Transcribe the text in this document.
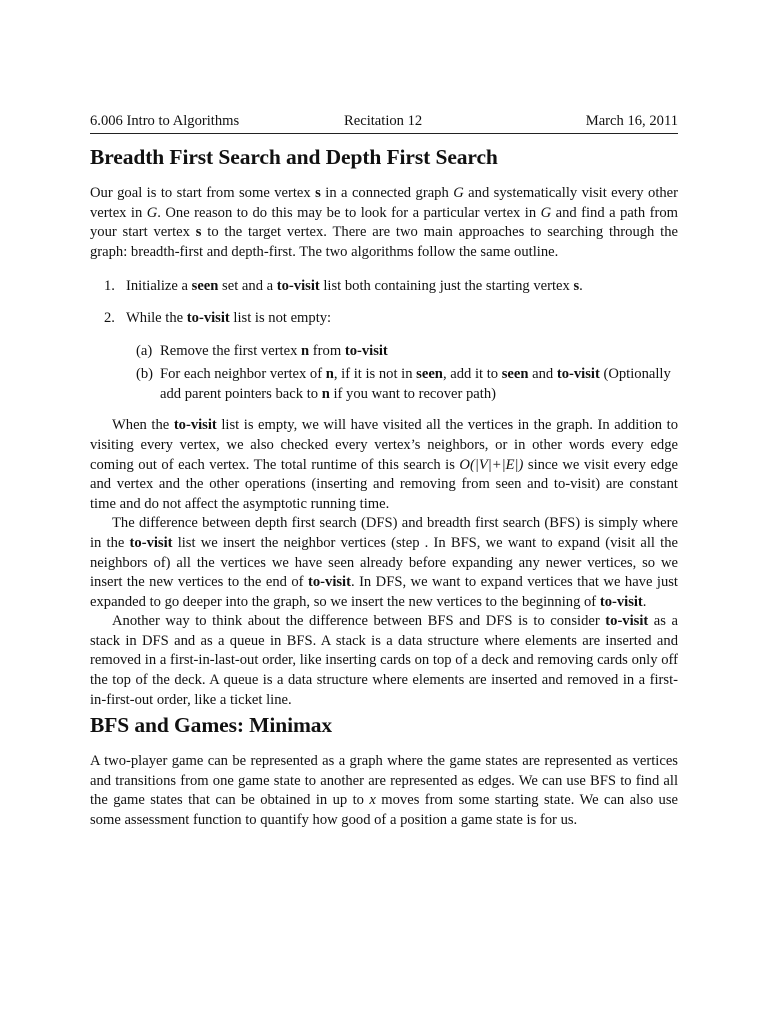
6.006 Intro to Algorithms	Recitation 12	March 16, 2011
Breadth First Search and Depth First Search

Our goal is to start from some vertex s in a connected graph G and systematically visit every other vertex in G. One reason to do this may be to look for a particular vertex in G and find a path from your start vertex s to the target vertex. There are two main approaches to searching through the graph: breadth-first and depth-first. The two algorithms follow the same outline.

1. Initialize a seen set and a to-visit list both containing just the starting vertex s.
2. While the to-visit list is not empty:
(a) Remove the first vertex n from to-visit
(b) For each neighbor vertex of n, if it is not in seen, add it to seen and to-visit (Optionally add parent pointers back to n if you want to recover path)

When the to-visit list is empty, we will have visited all the vertices in the graph. In addition to visiting every vertex, we also checked every vertex’s neighbors, or in other words every edge coming out of each vertex. The total runtime of this search is O(|V|+|E|) since we visit every edge and vertex and the other operations (inserting and removing from seen and to-visit) are constant time and do not affect the asymptotic running time.

The difference between depth first search (DFS) and breadth first search (BFS) is simply where in the to-visit list we insert the neighbor vertices (step . In BFS, we want to expand (visit all the neighbors of) all the vertices we have seen already before expanding any newer vertices, so we insert the new vertices to the end of to-visit. In DFS, we want to expand vertices that we have just expanded to go deeper into the graph, so we insert the new vertices to the beginning of to-visit.

Another way to think about the difference between BFS and DFS is to consider to-visit as a stack in DFS and as a queue in BFS. A stack is a data structure where elements are inserted and removed in a first-in-last-out order, like inserting cards on top of a deck and removing cards only off the top of the deck. A queue is a data structure where elements are inserted and removed in a first-in-first-out order, like a ticket line.

BFS and Games: Minimax

A two-player game can be represented as a graph where the game states are represented as vertices and transitions from one game state to another are represented as edges. We can use BFS to find all the game states that can be obtained in up to x moves from some starting state. We can also use some assessment function to quantify how good of a position a game state is for us.
